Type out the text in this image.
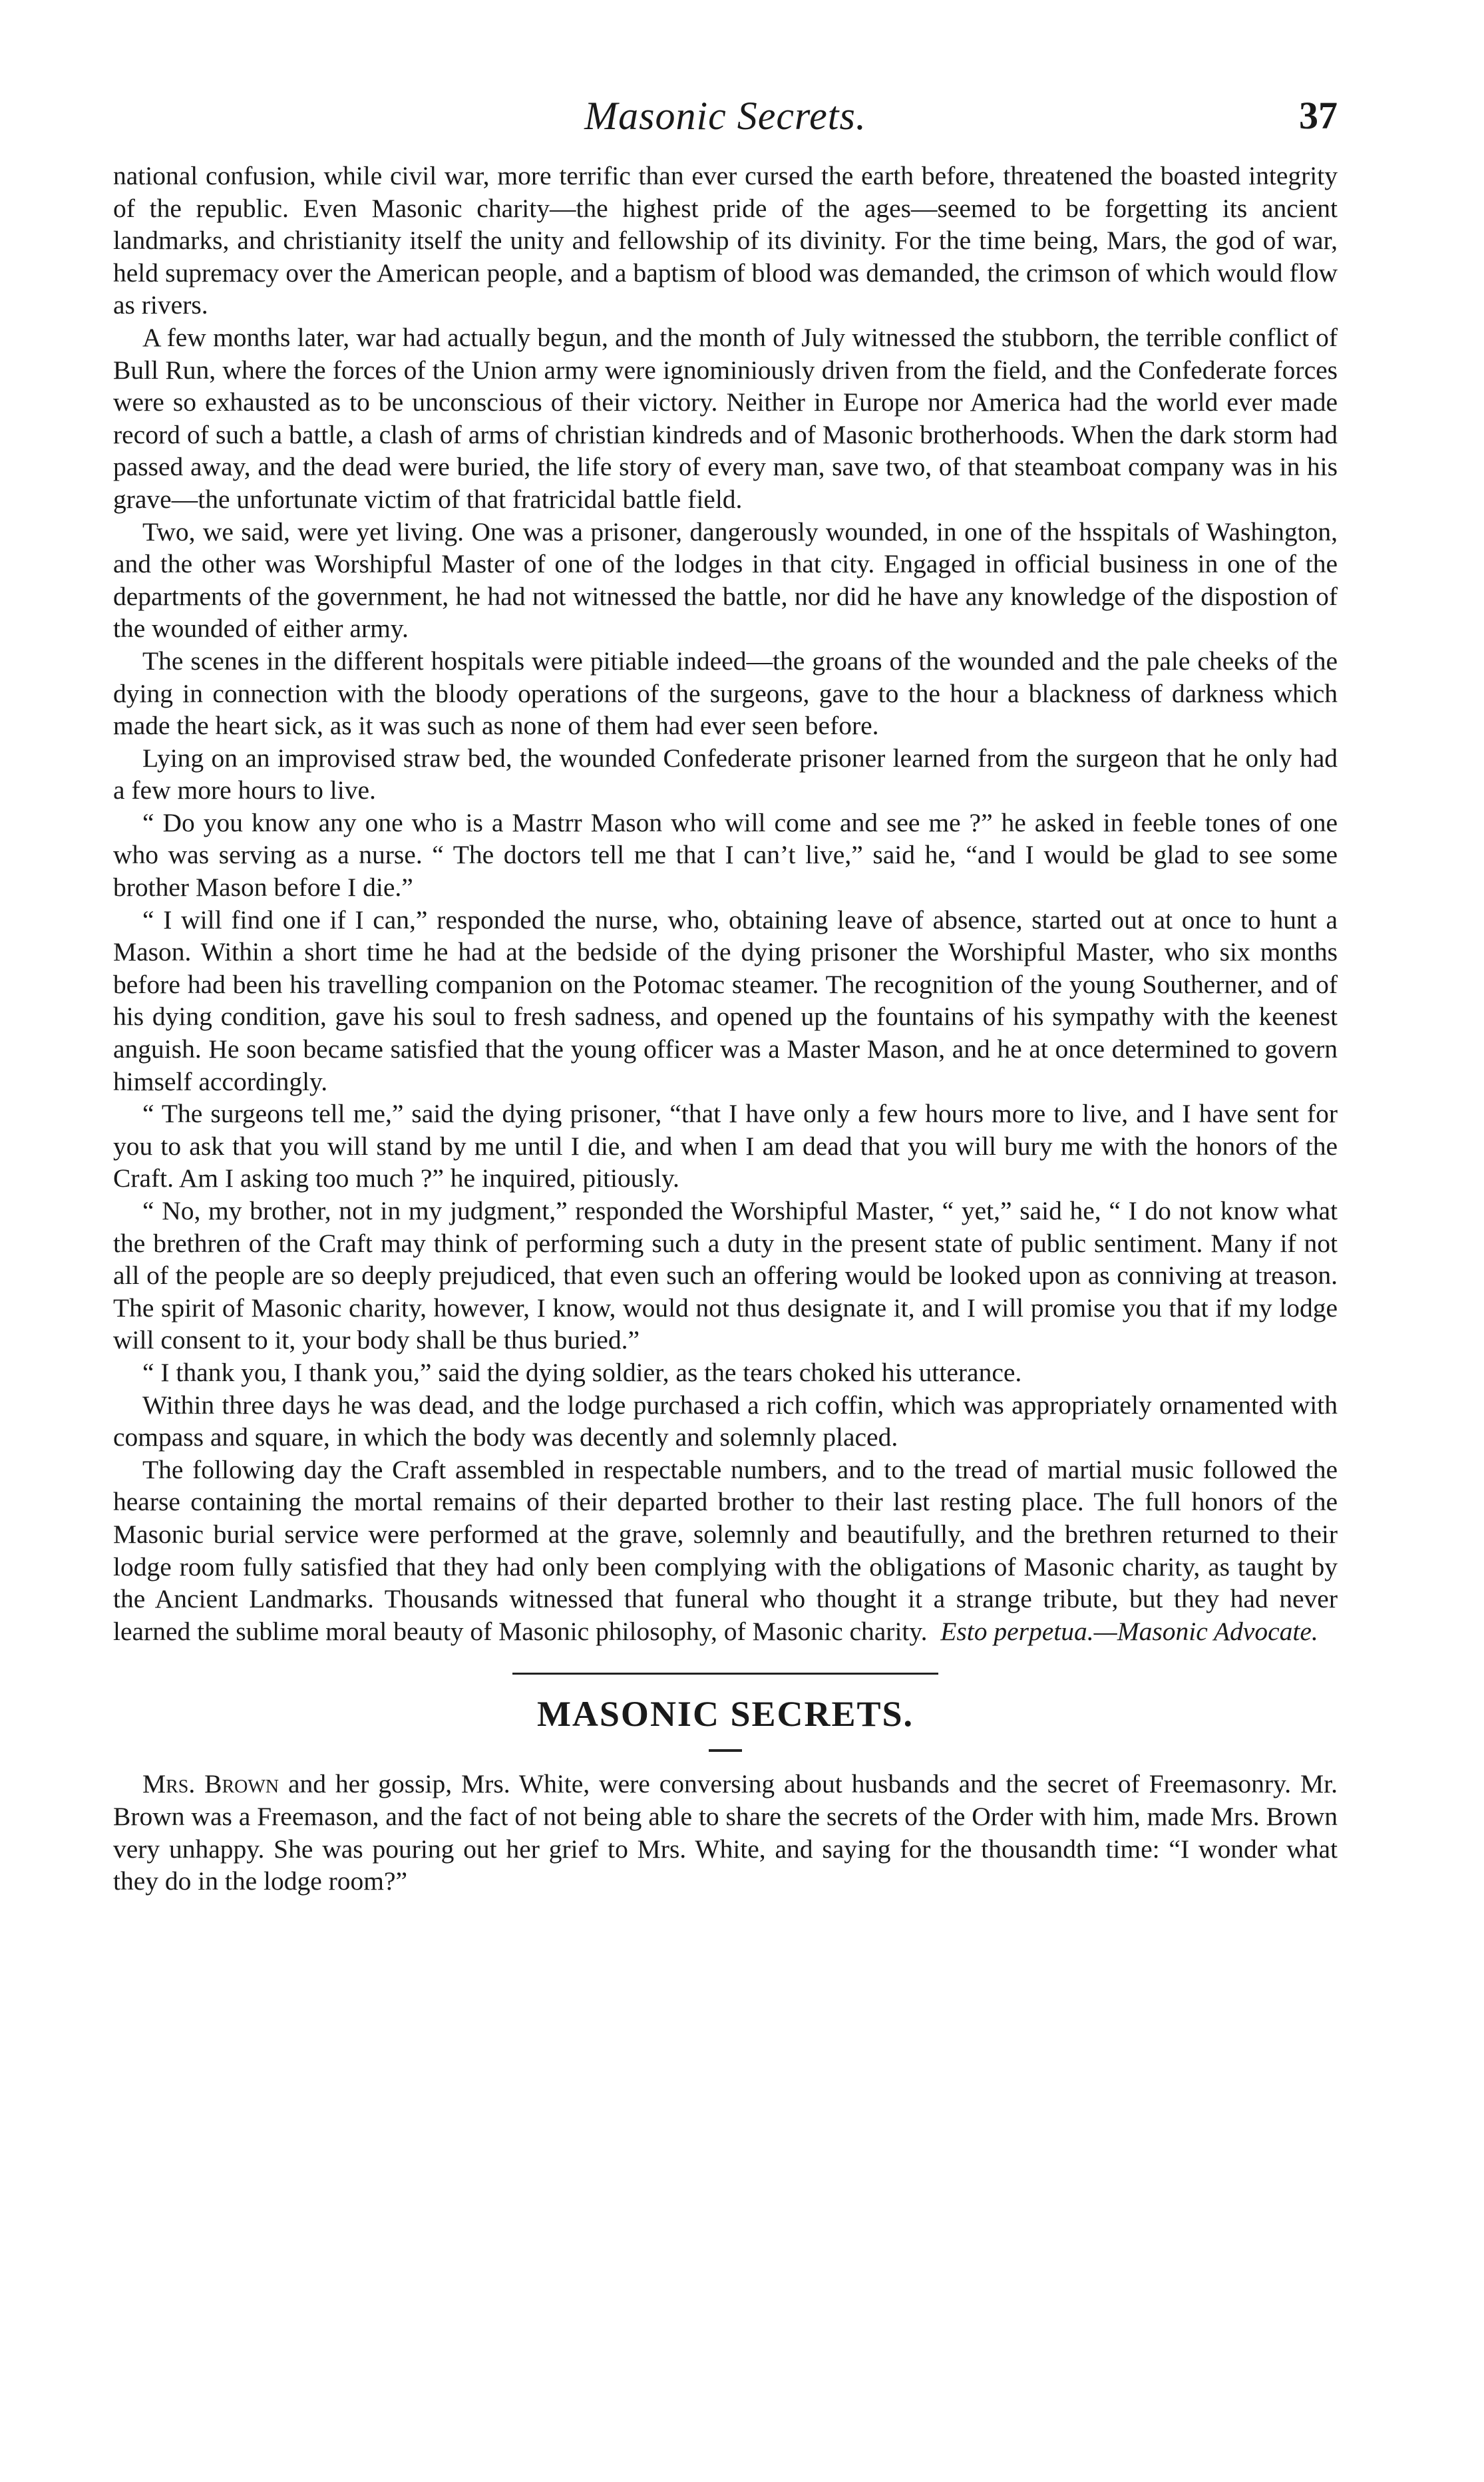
Masonic Secrets.	37

national confusion, while civil war, more terrific than ever cursed the earth before, threatened the boasted integrity of the republic. Even Masonic charity—the highest pride of the ages—seemed to be forgetting its ancient landmarks, and christianity itself the unity and fellowship of its divinity. For the time being, Mars, the god of war, held supremacy over the American people, and a baptism of blood was demanded, the crimson of which would flow as rivers.

A few months later, war had actually begun, and the month of July witnessed the stubborn, the terrible conflict of Bull Run, where the forces of the Union army were ignominiously driven from the field, and the Confederate forces were so exhausted as to be unconscious of their victory. Neither in Europe nor America had the world ever made record of such a battle, a clash of arms of christian kindreds and of Masonic brotherhoods. When the dark storm had passed away, and the dead were buried, the life story of every man, save two, of that steamboat company was in his grave—the unfortunate victim of that fratricidal battle field.

Two, we said, were yet living. One was a prisoner, dangerously wounded, in one of the hsspitals of Washington, and the other was Worshipful Master of one of the lodges in that city. Engaged in official business in one of the departments of the government, he had not witnessed the battle, nor did he have any knowledge of the dispostion of the wounded of either army.

The scenes in the different hospitals were pitiable indeed—the groans of the wounded and the pale cheeks of the dying in connection with the bloody operations of the surgeons, gave to the hour a blackness of darkness which made the heart sick, as it was such as none of them had ever seen before.

Lying on an improvised straw bed, the wounded Confederate prisoner learned from the surgeon that he only had a few more hours to live.

“ Do you know any one who is a Mastrr Mason who will come and see me ?” he asked in feeble tones of one who was serving as a nurse. “ The doctors tell me that I can’t live,” said he, “and I would be glad to see some brother Mason before I die.”

“ I will find one if I can,” responded the nurse, who, obtaining leave of absence, started out at once to hunt a Mason. Within a short time he had at the bedside of the dying prisoner the Worshipful Master, who six months before had been his travelling companion on the Potomac steamer. The recognition of the young Southerner, and of his dying condition, gave his soul to fresh sadness, and opened up the fountains of his sympathy with the keenest anguish. He soon became satisfied that the young officer was a Master Mason, and he at once determined to govern himself accordingly.

“ The surgeons tell me,” said the dying prisoner, “that I have only a few hours more to live, and I have sent for you to ask that you will stand by me until I die, and when I am dead that you will bury me with the honors of the Craft. Am I asking too much ?” he inquired, pitiously.

“ No, my brother, not in my judgment,” responded the Worshipful Master, “ yet,” said he, “ I do not know what the brethren of the Craft may think of performing such a duty in the present state of public sentiment. Many if not all of the people are so deeply prejudiced, that even such an offering would be looked upon as conniving at treason. The spirit of Masonic charity, however, I know, would not thus designate it, and I will promise you that if my lodge will consent to it, your body shall be thus buried.”

“ I thank you, I thank you,” said the dying soldier, as the tears choked his utterance.

Within three days he was dead, and the lodge purchased a rich coffin, which was appropriately ornamented with compass and square, in which the body was decently and solemnly placed.

The following day the Craft assembled in respectable numbers, and to the tread of martial music followed the hearse containing the mortal remains of their departed brother to their last resting place. The full honors of the Masonic burial service were performed at the grave, solemnly and beautifully, and the brethren returned to their lodge room fully satisfied that they had only been complying with the obligations of Masonic charity, as taught by the Ancient Landmarks. Thousands witnessed that funeral who thought it a strange tribute, but they had never learned the sublime moral beauty of Masonic philosophy, of Masonic charity. Esto perpetua.—Masonic Advocate.

MASONIC SECRETS.

Mrs. Brown and her gossip, Mrs. White, were conversing about husbands and the secret of Freemasonry. Mr. Brown was a Freemason, and the fact of not being able to share the secrets of the Order with him, made Mrs. Brown very unhappy. She was pouring out her grief to Mrs. White, and saying for the thousandth time: “I wonder what they do in the lodge room?”
